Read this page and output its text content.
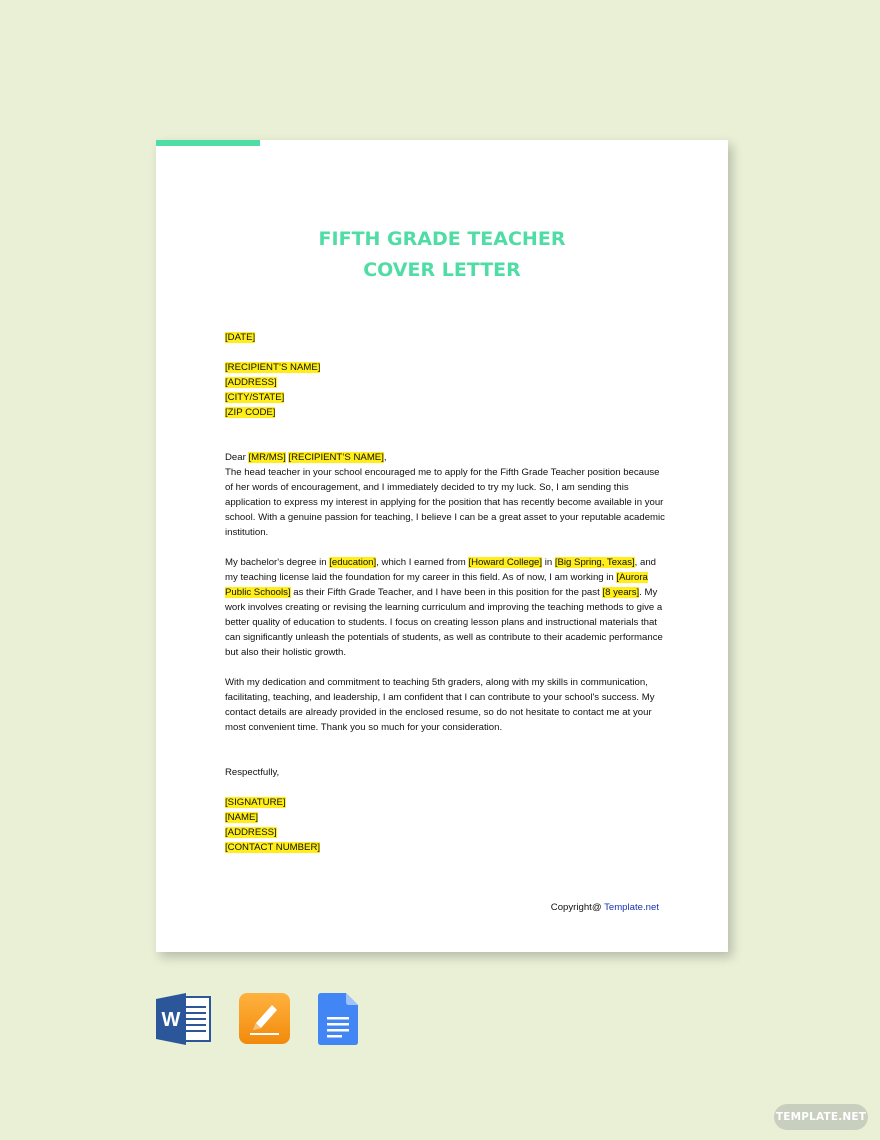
FIFTH GRADE TEACHER
COVER LETTER

[DATE]

[RECIPIENT’S NAME]

[ADDRESS]

[CITY/STATE]

[ZIP CODE]

Dear [MR/MS] [RECIPIENT’S NAME],

The head teacher in your school encouraged me to apply for the Fifth Grade Teacher position because of her words of encouragement, and I immediately decided to try my luck. So, I am sending this application to express my interest in applying for the position that has recently become available in your school. With a genuine passion for teaching, I believe I can be a great asset to your reputable academic institution.

My bachelor's degree in [education], which I earned from [Howard College] in [Big Spring, Texas], and my teaching license laid the foundation for my career in this field. As of now, I am working in [Aurora Public Schools] as their Fifth Grade Teacher, and I have been in this position for the past [8 years]. My work involves creating or revising the learning curriculum and improving the teaching methods to give a better quality of education to students. I focus on creating lesson plans and instructional materials that can significantly unleash the potentials of students, as well as contribute to their academic performance but also their holistic growth.

With my dedication and commitment to teaching 5th graders, along with my skills in communication, facilitating, teaching, and leadership, I am confident that I can contribute to your school's success. My contact details are already provided in the enclosed resume, so do not hesitate to contact me at your most convenient time. Thank you so much for your consideration.

Respectfully,

[SIGNATURE]

[NAME]

[ADDRESS]

[CONTACT NUMBER]

Copyright@ Template.net
W
TEMPLATE.NET
